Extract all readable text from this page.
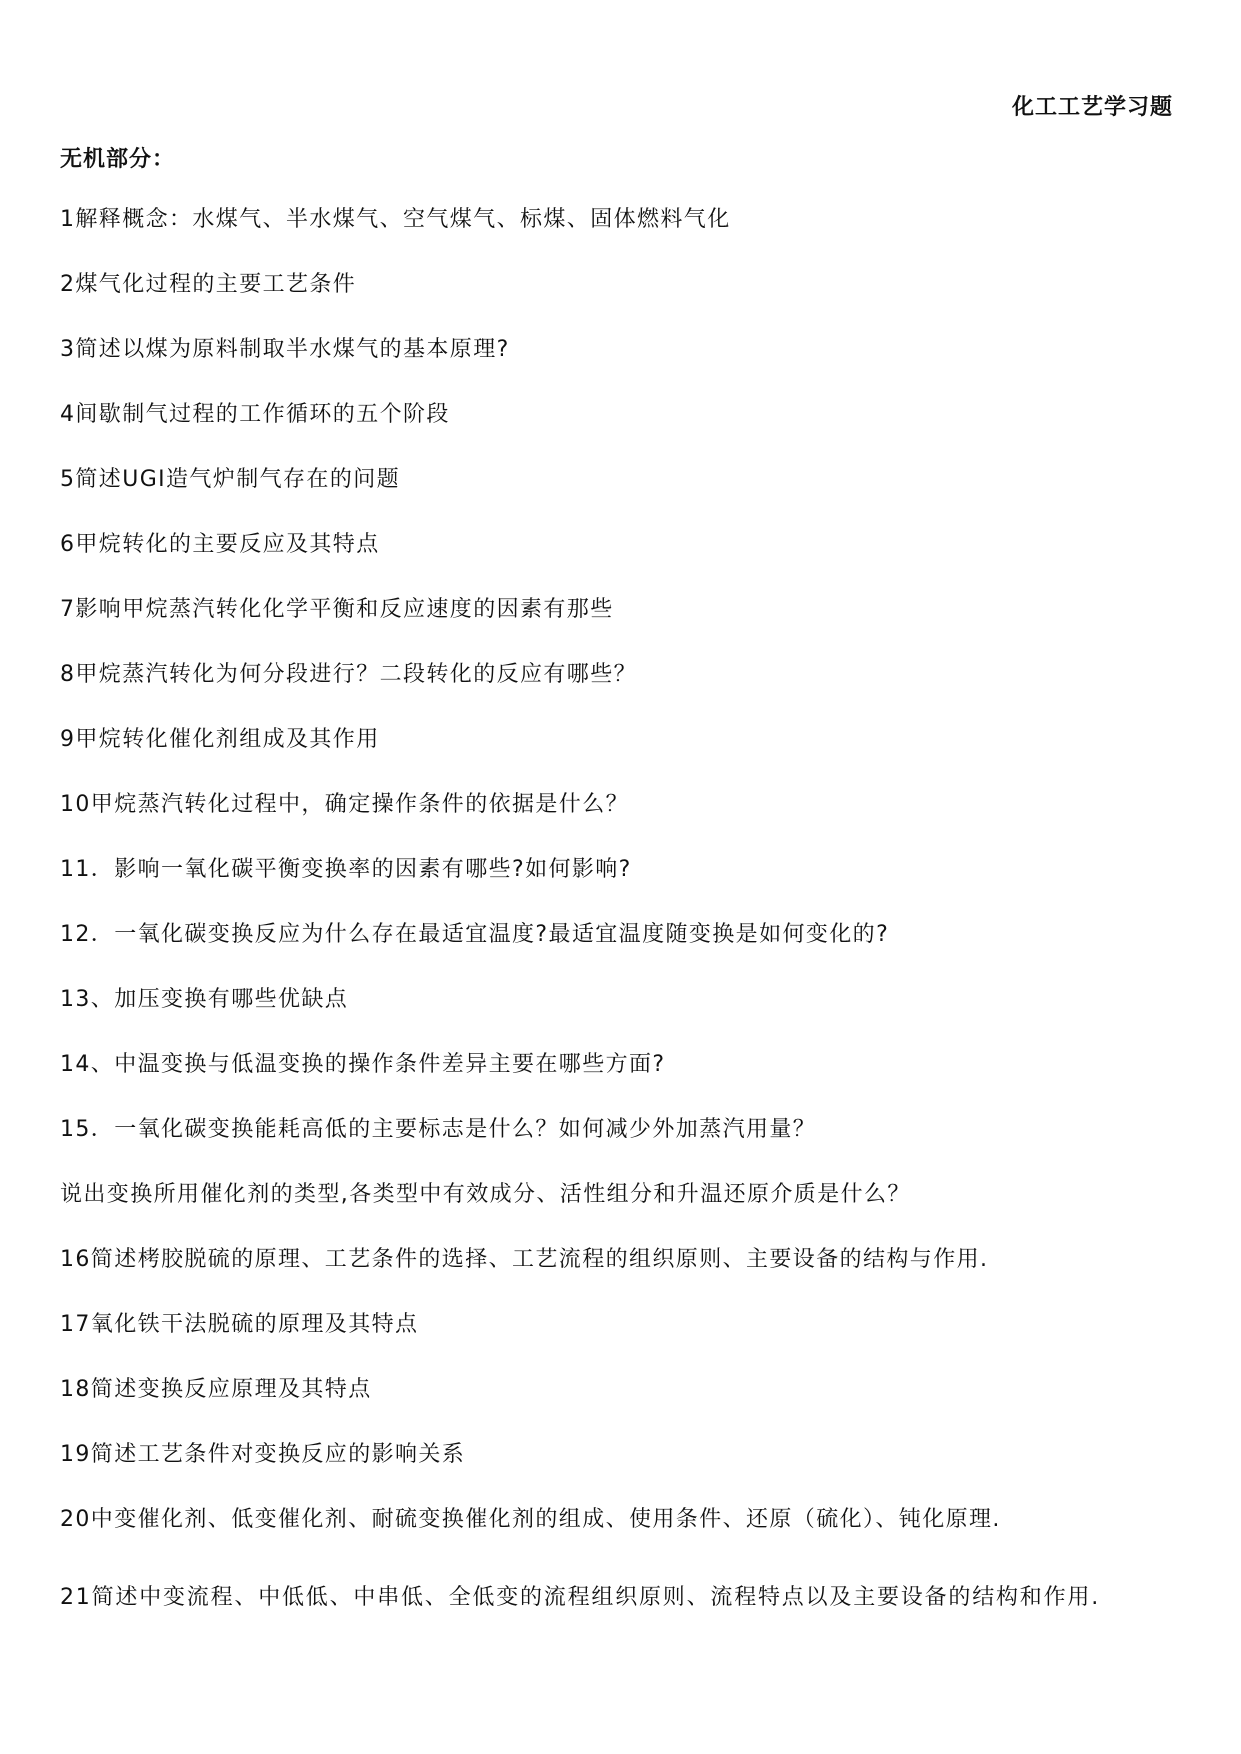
化工工艺学习题
无机部分：
1解释概念：水煤气、半水煤气、空气煤气、标煤、固体燃料气化
2煤气化过程的主要工艺条件
3简述以煤为原料制取半水煤气的基本原理?
4间歇制气过程的工作循环的五个阶段
5简述UGI造气炉制气存在的问题
6甲烷转化的主要反应及其特点
7影响甲烷蒸汽转化化学平衡和反应速度的因素有那些
8甲烷蒸汽转化为何分段进行？二段转化的反应有哪些？
9甲烷转化催化剂组成及其作用
10甲烷蒸汽转化过程中，确定操作条件的依据是什么？
11．影响一氧化碳平衡变换率的因素有哪些?如何影响?
12．一氧化碳变换反应为什么存在最适宜温度?最适宜温度随变换是如何变化的?
13、加压变换有哪些优缺点
14、中温变换与低温变换的操作条件差异主要在哪些方面?
15．一氧化碳变换能耗高低的主要标志是什么？如何减少外加蒸汽用量？
说出变换所用催化剂的类型,各类型中有效成分、活性组分和升温还原介质是什么？
16简述栲胶脱硫的原理、工艺条件的选择、工艺流程的组织原则、主要设备的结构与作用.
17氧化铁干法脱硫的原理及其特点
18简述变换反应原理及其特点
19简述工艺条件对变换反应的影响关系
20中变催化剂、低变催化剂、耐硫变换催化剂的组成、使用条件、还原（硫化）、钝化原理.
21简述中变流程、中低低、中串低、全低变的流程组织原则、流程特点以及主要设备的结构和作用.
